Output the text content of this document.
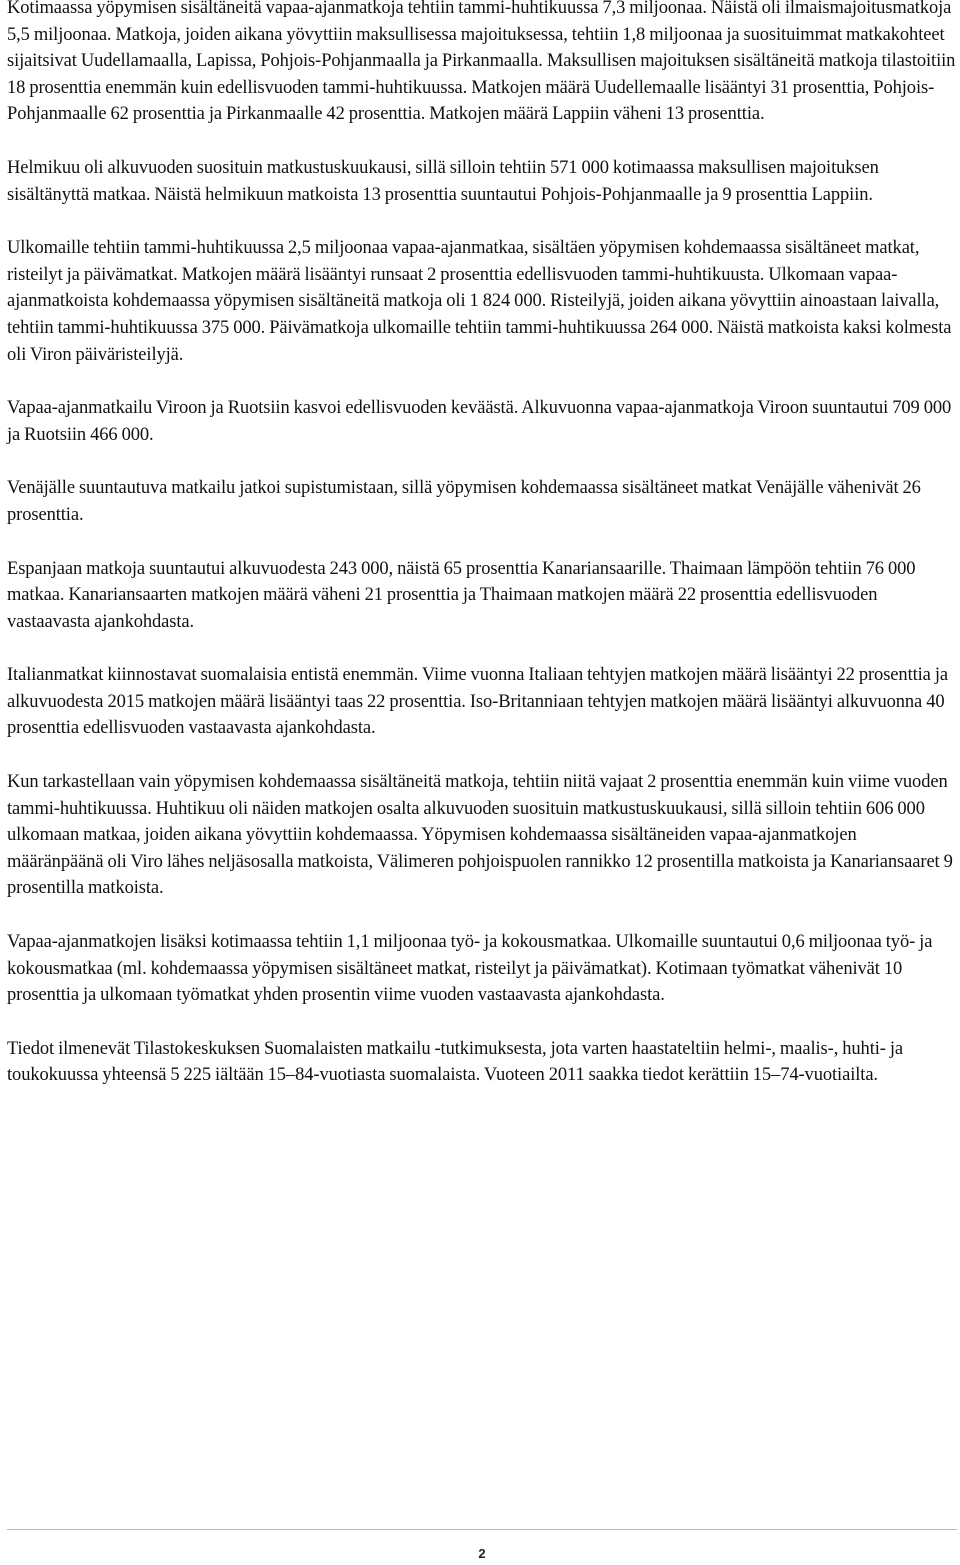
Kotimaassa yöpymisen sisältäneitä vapaa-ajanmatkoja tehtiin tammi-huhtikuussa 7,3 miljoonaa. Näistä oli ilmaismajoitusmatkoja 5,5 miljoonaa. Matkoja, joiden aikana yövyttiin maksullisessa majoituksessa, tehtiin 1,8 miljoonaa ja suosituimmat matkakohteet sijaitsivat Uudellamaalla, Lapissa, Pohjois-Pohjanmaalla ja Pirkanmaalla. Maksullisen majoituksen sisältäneitä matkoja tilastoitiin 18 prosenttia enemmän kuin edellisvuoden tammi-huhtikuussa. Matkojen määrä Uudellemaalle lisääntyi 31 prosenttia, Pohjois-Pohjanmaalle 62 prosenttia ja Pirkanmaalle 42 prosenttia. Matkojen määrä Lappiin väheni 13 prosenttia.

Helmikuu oli alkuvuoden suosituin matkustuskuukausi, sillä silloin tehtiin 571 000 kotimaassa maksullisen majoituksen sisältänyttä matkaa. Näistä helmikuun matkoista 13 prosenttia suuntautui Pohjois-Pohjanmaalle ja 9 prosenttia Lappiin.

Ulkomaille tehtiin tammi-huhtikuussa 2,5 miljoonaa vapaa-ajanmatkaa, sisältäen yöpymisen kohdemaassa sisältäneet matkat, risteilyt ja päivämatkat. Matkojen määrä lisääntyi runsaat 2 prosenttia edellisvuoden tammi-huhtikuusta. Ulkomaan vapaa-ajanmatkoista kohdemaassa yöpymisen sisältäneitä matkoja oli 1 824 000. Risteilyjä, joiden aikana yövyttiin ainoastaan laivalla, tehtiin tammi-huhtikuussa 375 000. Päivämatkoja ulkomaille tehtiin tammi-huhtikuussa 264 000. Näistä matkoista kaksi kolmesta oli Viron päiväristeilyjä.

Vapaa-ajanmatkailu Viroon ja Ruotsiin kasvoi edellisvuoden keväästä. Alkuvuonna vapaa-ajanmatkoja Viroon suuntautui 709 000 ja Ruotsiin 466 000.

Venäjälle suuntautuva matkailu jatkoi supistumistaan, sillä yöpymisen kohdemaassa sisältäneet matkat Venäjälle vähenivät 26 prosenttia.

Espanjaan matkoja suuntautui alkuvuodesta 243 000, näistä 65 prosenttia Kanariansaarille. Thaimaan lämpöön tehtiin 76 000 matkaa. Kanariansaarten matkojen määrä väheni 21 prosenttia ja Thaimaan matkojen määrä 22 prosenttia edellisvuoden vastaavasta ajankohdasta.

Italianmatkat kiinnostavat suomalaisia entistä enemmän. Viime vuonna Italiaan tehtyjen matkojen määrä lisääntyi 22 prosenttia ja alkuvuodesta 2015 matkojen määrä lisääntyi taas 22 prosenttia. Iso-Britanniaan tehtyjen matkojen määrä lisääntyi alkuvuonna 40 prosenttia edellisvuoden vastaavasta ajankohdasta.

Kun tarkastellaan vain yöpymisen kohdemaassa sisältäneitä matkoja, tehtiin niitä vajaat 2 prosenttia enemmän kuin viime vuoden tammi-huhtikuussa. Huhtikuu oli näiden matkojen osalta alkuvuoden suosituin matkustuskuukausi, sillä silloin tehtiin 606 000 ulkomaan matkaa, joiden aikana yövyttiin kohdemaassa. Yöpymisen kohdemaassa sisältäneiden vapaa-ajanmatkojen määränpäänä oli Viro lähes neljäsosalla matkoista, Välimeren pohjoispuolen rannikko 12 prosentilla matkoista ja Kanariansaaret 9 prosentilla matkoista.

Vapaa-ajanmatkojen lisäksi kotimaassa tehtiin 1,1 miljoonaa työ- ja kokousmatkaa. Ulkomaille suuntautui 0,6 miljoonaa työ- ja kokousmatkaa (ml. kohdemaassa yöpymisen sisältäneet matkat, risteilyt ja päivämatkat). Kotimaan työmatkat vähenivät 10 prosenttia ja ulkomaan työmatkat yhden prosentin viime vuoden vastaavasta ajankohdasta.

Tiedot ilmenevät Tilastokeskuksen Suomalaisten matkailu -tutkimuksesta, jota varten haastateltiin helmi-, maalis-, huhti- ja toukokuussa yhteensä 5 225 iältään 15–84-vuotiasta suomalaista. Vuoteen 2011 saakka tiedot kerättiin 15–74-vuotiailta.

2
